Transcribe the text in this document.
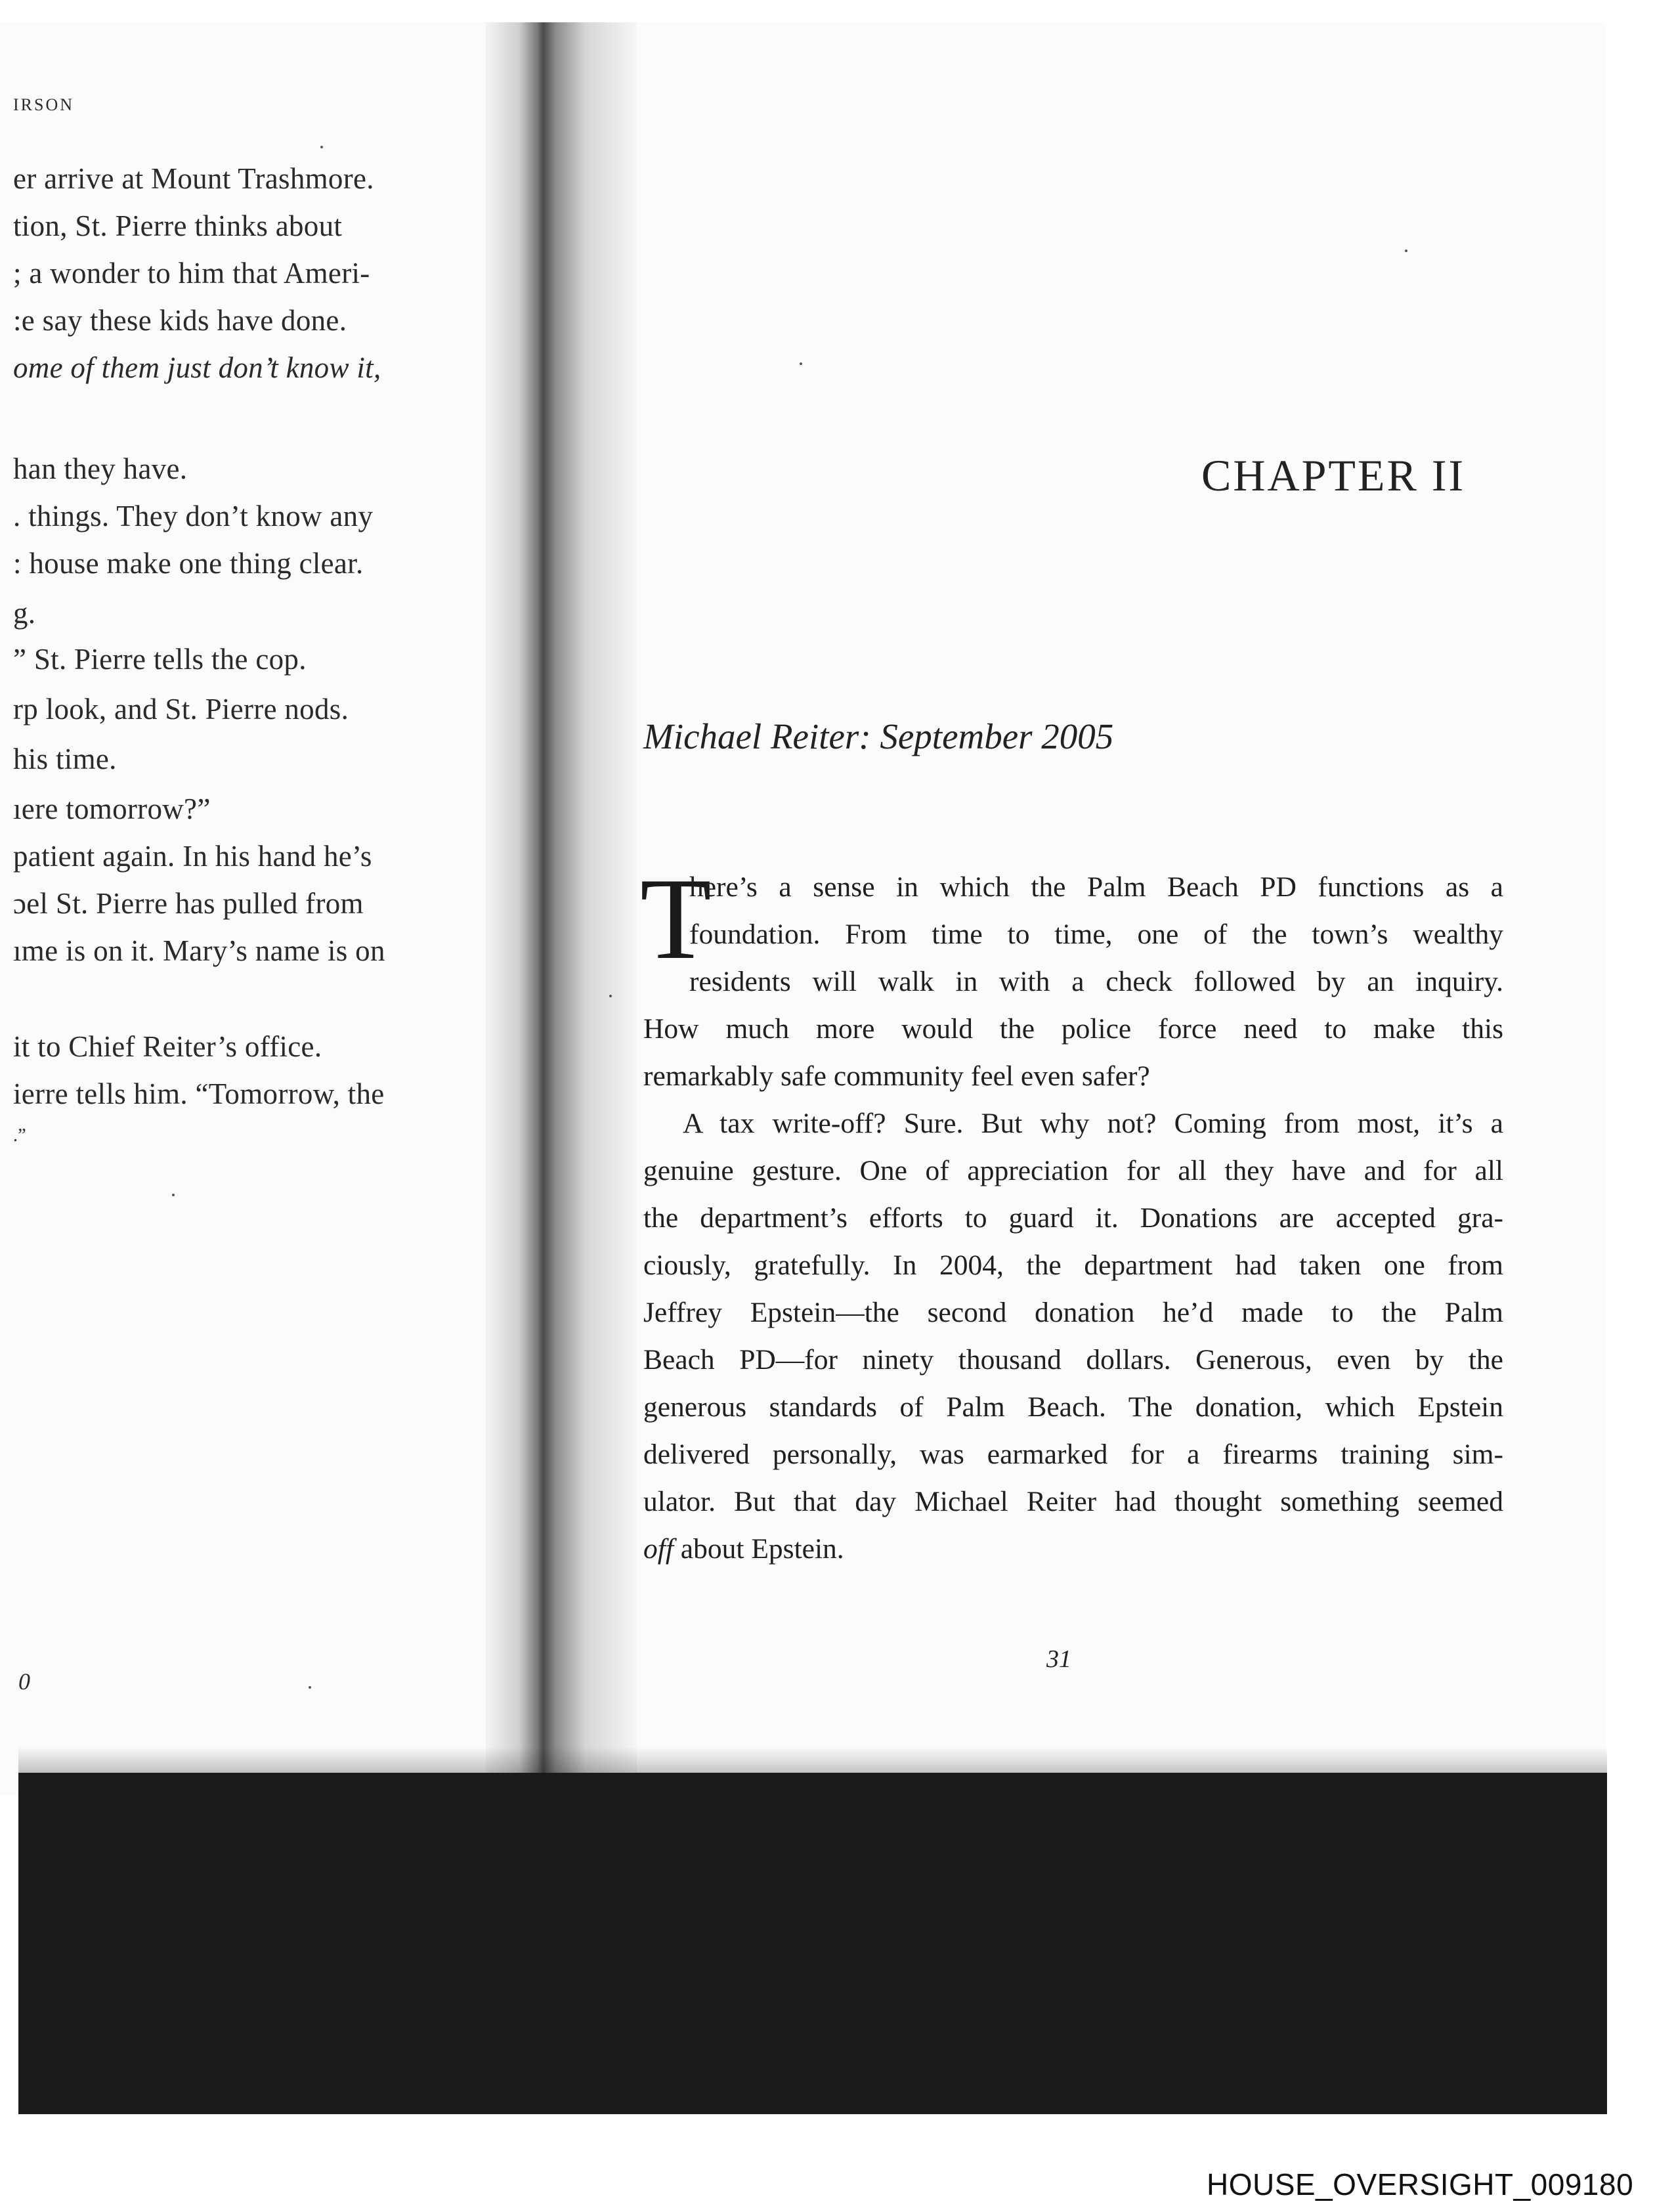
IRSON
er arrive at Mount Trashmore.
tion, St. Pierre thinks about
; a wonder to him that Ameri-
:e say these kids have done.
ome of them just don’t know it,
han they have.
. things. They don’t know any
: house make one thing clear.
g.
” St. Pierre tells the cop.
rp look, and St. Pierre nods.
his time.
ıere tomorrow?”
patient again. In his hand he’s
ɔel St. Pierre has pulled from
ıme is on it. Mary’s name is on
it to Chief Reiter’s office.
ierre tells him. “Tomorrow, the
.”
0
CHAPTER II
Michael Reiter: September 2005
T
here’s a sense in which the Palm Beach PD functions as a
foundation. From time to time, one of the town’s wealthy
residents will walk in with a check followed by an inquiry.
How much more would the police force need to make this
remarkably safe community feel even safer?
A tax write-off? Sure. But why not? Coming from most, it’s a
genuine gesture. One of appreciation for all they have and for all
the department’s efforts to guard it. Donations are accepted gra-
ciously, gratefully. In 2004, the department had taken one from
Jeffrey Epstein—the second donation he’d made to the Palm
Beach PD—for ninety thousand dollars. Generous, even by the
generous standards of Palm Beach. The donation, which Epstein
delivered personally, was earmarked for a firearms training sim-
ulator. But that day Michael Reiter had thought something seemed
off about Epstein.
31
HOUSE_OVERSIGHT_009180
